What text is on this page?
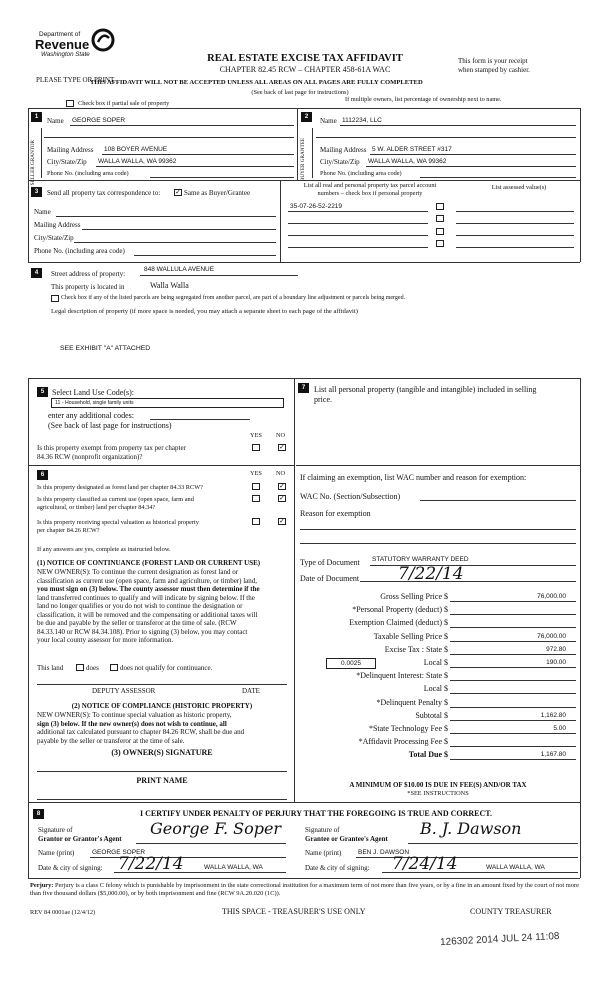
Department of
Revenue
Washington State	REAL ESTATE EXCISE TAX AFFIDAVIT
CHAPTER 82.45 RCW – CHAPTER 458-61A WAC
THIS AFFIDAVIT WILL NOT BE ACCEPTED UNLESS ALL AREAS ON ALL PAGES ARE FULLY COMPLETED
(See back of last page for instructions)
PLEASE TYPE OR PRINT
This form is your receipt
when stamped by cashier.
Check box if partial sale of property
If multiple owners, list percentage of ownership next to name.
1
SELLER GRANTOR
Name GEORGE SOPER
Mailing Address 108 BOYER AVENUE
City/State/Zip WALLA WALLA, WA 99362
Phone No. (including area code)
2
BUYER GRANTEE
Name 1112234, LLC
Mailing Address 5 W. ALDER STREET #317
City/State/Zip WALLA WALLA, WA 99362
Phone No. (including area code)
3	Send all property tax correspondence to: ✓ Same as Buyer/Grantee
Name
Mailing Address
City/State/Zip
Phone No. (including area code)
List all real and personal property tax parcel account
numbers – check box if personal property
List assessed value(s)
35-07-26-52-2219
4	Street address of property:
848 WALLULA AVENUE
This property is located in	Walla Walla
Check box if any of the listed parcels are being segregated from another parcel, are part of a boundary line adjustment or parcels being merged.
Legal description of property (if more space is needed, you may attach a separate sheet to each page of the affidavit)
SEE EXHIBIT "A" ATTACHED
5 Select Land Use Code(s):
11 - Household, single family units
enter any additional codes:
(See back of last page for instructions)
YES NO
Is this property exempt from property tax per chapter
84.36 RCW (nonprofit organization)?
✓
6	YES NO
Is this property designated as forest land per chapter 84.33 RCW?	✓
Is this property classified as current use (open space, farm and
agricultural, or timber) land per chapter 84.34?
✓
Is this property receiving special valuation as historical property
per chapter 84.26 RCW?
✓
If any answers are yes, complete as instructed below.
(1) NOTICE OF CONTINUANCE (FOREST LAND OR CURRENT USE)
NEW OWNER(S): To continue the current designation as forest land or
classification as current use (open space, farm and agriculture, or timber) land,
you must sign on (3) below. The county assessor must then determine if the
land transferred continues to qualify and will indicate by signing below. If the
land no longer qualifies or you do not wish to continue the designation or
classification, it will be removed and the compensating or additional taxes will
be due and payable by the seller or transferor at the time of sale. (RCW
84.33.140 or RCW 84.34.108). Prior to signing (3) below, you may contact
your local county assessor for more information.
This land	does	does not qualify for continuance.
DEPUTY ASSESSOR	DATE
(2) NOTICE OF COMPLIANCE (HISTORIC PROPERTY)
NEW OWNER(S): To continue special valuation as historic property,
sign (3) below. If the new owner(s) does not wish to continue, all
additional tax calculated pursuant to chapter 84.26 RCW, shall be due and
payable by the seller or transferor at the time of sale.
(3) OWNER(S) SIGNATURE
PRINT NAME
7	List all personal property (tangible and intangible) included in selling
price.
If claiming an exemption, list WAC number and reason for exemption:
WAC No. (Section/Subsection)
Reason for exemption
Type of Document STATUTORY WARRANTY DEED
Date of Document 7/22/14
Gross Selling Price $	76,000.00
*Personal Property (deduct) $
Exemption Claimed (deduct) $
Taxable Selling Price $	76,000.00
Excise Tax : State $	972.80
Local $	190.00
*Delinquent Interest: State $
Local $
*Delinquent Penalty $
Subtotal $	1,162.80
*State Technology Fee $	5.00
*Affidavit Processing Fee $
Total Due $	1,167.80
0.0025
A MINIMUM OF $10.00 IS DUE IN FEE(S) AND/OR TAX
*SEE INSTRUCTIONS
8	I CERTIFY UNDER PENALTY OF PERJURY THAT THE FOREGOING IS TRUE AND CORRECT.
Signature of
Grantor or Grantor's Agent
George F. Soper
Name (print)	GEORGE SOPER
Date & city of signing: 7/22/14	WALLA WALLA, WA
Signature of
Grantee or Grantee's Agent
B. J. Dawson
Name (print)	BEN J. DAWSON
Date & city of signing: 7/24/14	WALLA WALLA, WA
Perjury: Perjury is a class C felony which is punishable by imprisonment in the state correctional institution for a maximum term of not more than five years, or by a fine in an amount fixed by the court of not more than five thousand dollars ($5,000.00), or by both imprisonment and fine (RCW 9A.20.020 (1C)).
REV 84 0001ae (12/4/12)	THIS SPACE - TREASURER'S USE ONLY	COUNTY TREASURER
126302 2014 JUL 24 11:08
